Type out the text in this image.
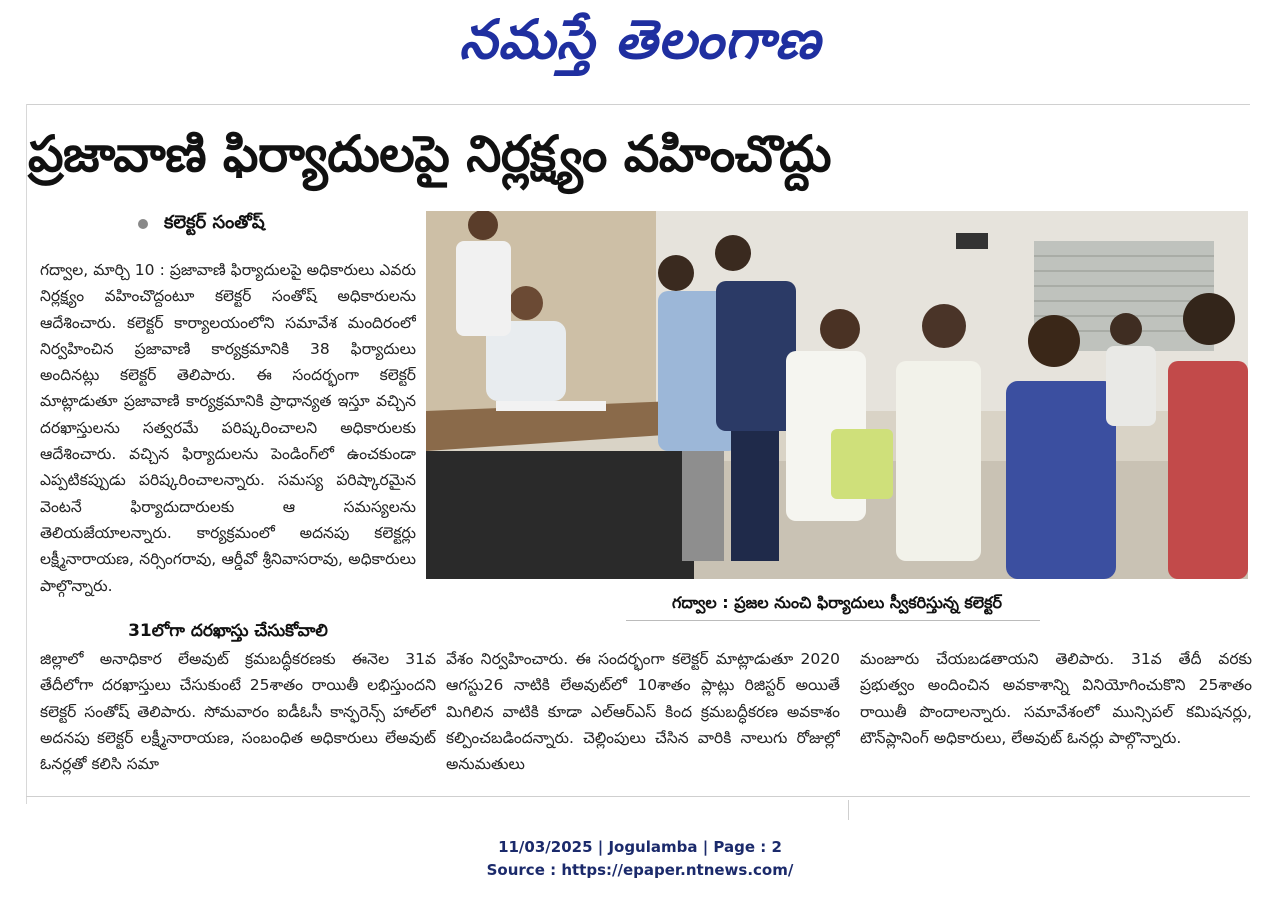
నమస్తే తెలంగాణ
ప్రజావాణి ఫిర్యాదులపై నిర్లక్ష్యం వహించొద్దు
కలెక్టర్ సంతోష్
గద్వాల, మార్చి 10 : ప్రజావాణి ఫిర్యాదులపై అధికారులు ఎవరు నిర్లక్ష్యం వహించొద్దంటూ కలెక్టర్ సంతోష్ అధికారులను ఆదేశించారు. కలెక్టర్ కార్యాలయంలోని సమావేశ మందిరంలో నిర్వహించిన ప్రజావాణి కార్యక్రమానికి 38 ఫిర్యాదులు అందినట్లు కలెక్టర్ తెలిపారు. ఈ సందర్భంగా కలెక్టర్ మాట్లాడుతూ ప్రజావాణి కార్యక్రమానికి ప్రాధాన్యత ఇస్తూ వచ్చిన దరఖాస్తులను సత్వరమే పరిష్కరించాలని అధికారులకు ఆదేశించారు. వచ్చిన ఫిర్యాదులను పెండింగ్‌లో ఉంచకుండా ఎప్పటికప్పుడు పరిష్కరించాలన్నారు. సమస్య పరిష్కారమైన వెంటనే ఫిర్యాదుదారులకు ఆ సమస్యలను తెలియజేయాలన్నారు. కార్యక్రమంలో అదనపు కలెక్టర్లు లక్ష్మీనారాయణ, నర్సింగరావు, ఆర్డీవో శ్రీనివాసరావు, అధికారులు పాల్గొన్నారు.
గద్వాల : ప్రజల నుంచి ఫిర్యాదులు స్వీకరిస్తున్న కలెక్టర్
31లోగా దరఖాస్తు చేసుకోవాలి
జిల్లాలో అనాధికార లేఅవుట్ క్రమబద్ధీకరణకు ఈనెల 31వ తేదీలోగా దరఖాస్తులు చేసుకుంటే 25శాతం రాయితీ లభిస్తుందని కలెక్టర్ సంతోష్ తెలిపారు. సోమవారం ఐడీఓసీ కాన్ఫరెన్స్ హాల్‌లో అదనపు కలెక్టర్ లక్ష్మీనారాయణ, సంబంధిత అధికారులు లేఅవుట్ ఓనర్లతో కలిసి సమా
వేశం నిర్వహించారు. ఈ సందర్భంగా కలెక్టర్ మాట్లాడుతూ 2020 ఆగస్టు26 నాటికి లేఅవుట్‌లో 10శాతం ప్లాట్లు రిజిస్టర్ అయితే మిగిలిన వాటికి కూడా ఎల్‌ఆర్‌ఎస్ కింద క్రమబద్ధీకరణ అవకాశం కల్పించబడిందన్నారు. చెల్లింపులు చేసిన వారికి నాలుగు రోజుల్లో అనుమతులు
మంజూరు చేయబడతాయని తెలిపారు. 31వ తేదీ వరకు ప్రభుత్వం అందించిన అవకాశాన్ని వినియోగించుకొని 25శాతం రాయితీ పొందాలన్నారు. సమావేశంలో మున్సిపల్ కమిషనర్లు, టౌన్‌ప్లానింగ్ అధికారులు, లేఅవుట్ ఓనర్లు పాల్గొన్నారు.
11/03/2025 | Jogulamba | Page : 2
Source : https://epaper.ntnews.com/
